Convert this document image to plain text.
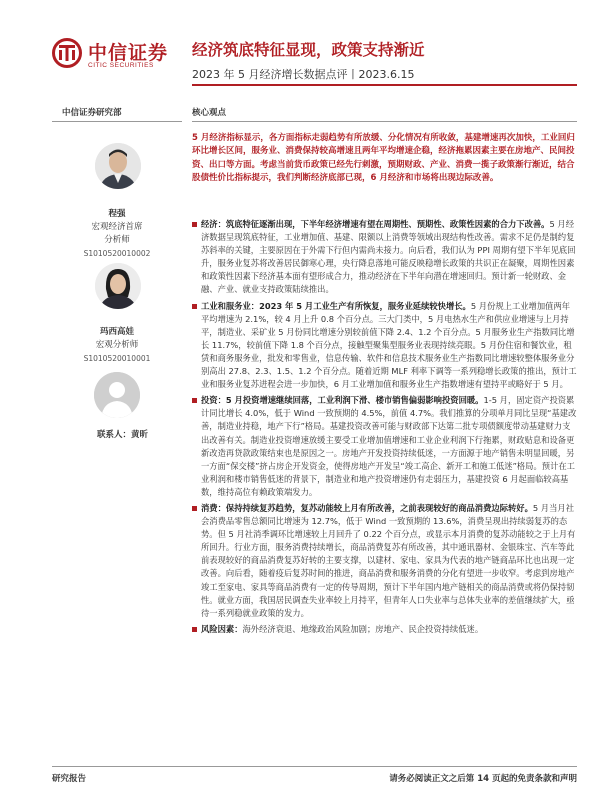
中信证券
CITIC SECURITIES
经济筑底特征显现，政策支持渐近
2023 年 5 月经济增长数据点评丨2023.6.15
中信证券研究部	核心观点
程强
宏观经济首席
分析师
S1010520010002
玛西高娃
宏观分析师
S1010520010001
联系人：黄昕
5 月经济指标显示，各方面指标走弱趋势有所放缓、分化情况有所收敛，基建增速再次加快，工业回归环比增长区间，服务业、消费保持较高增速且两年平均增速企稳，经济拖累因素主要在房地产、民间投资、出口等方面。考虑当前货币政策已经先行刺激，预期财政、产业、消费一揽子政策渐行渐近，结合股债性价比指标提示，我们判断经济底部已现，6 月经济和市场将出现边际改善。
经济：筑底特征逐渐出现，下半年经济增速有望在周期性、预期性、政策性因素的合力下改善。5 月经济数据呈现筑底特征，工业增加值、基建、限额以上消费等领域出现结构性改善。需求不足仍是制约复苏斜率的关键，主要原因在于外需下行但内需尚未接力。向后看，我们认为 PPI 周期有望下半年见底回升，服务业复苏将改善居民御寒心理，央行降息落地可能反映稳增长政策的共识正在凝聚，周期性因素和政策性因素下经济基本面有望形成合力，推动经济在下半年向潜在增速回归。预计新一轮财政、金融、产业、就业支持政策陆续推出。
工业和服务业：2023 年 5 月工业生产有所恢复，服务业延续较快增长。5 月份规上工业增加值两年平均增速为 2.1%，较 4 月上升 0.8 个百分点。三大门类中，5 月电热水生产和供应业增速与上月持平，制造业、采矿业 5 月份同比增速分别较前值下降 2.4、1.2 个百分点。5 月服务业生产指数同比增长 11.7%，较前值下降 1.8 个百分点，接触型聚集型服务业表现持续亮眼。5 月份住宿和餐饮业，租赁和商务服务业，批发和零售业，信息传输、软件和信息技术服务业生产指数同比增速较整体服务业分别高出 27.8、2.3、1.5、1.2 个百分点。随着近期 MLF 利率下调等一系列稳增长政策的推出，预计工业和服务业复苏进程会进一步加快，6 月工业增加值和服务业生产指数增速有望持平或略好于 5 月。
投资：5 月投资增速继续回落，工业利润下滑、楼市销售偏弱影响投资回暖。1-5 月，固定资产投资累计同比增长 4.0%，低于 Wind 一致预期的 4.5%，前值 4.7%。我们推算的分项单月同比呈现“基建改善，制造业持稳，地产下行”格局。基建投资改善可能与财政部下达第二批专项债额度带动基建财力支出改善有关。制造业投资增速放缓主要受工业增加值增速和工业企业利润下行拖累，财政贴息和设备更新改造再贷款政策结束也是原因之一。房地产开发投资持续低迷，一方面源于地产销售未明显回暖，另一方面“保交楼”挤占房企开发资金，使得房地产开发呈“竣工高企、新开工和施工低迷”格局。预计在工业利润和楼市销售低迷的背景下，制造业和地产投资增速仍有走弱压力，基建投资 6 月起面临较高基数，维持高位有赖政策端发力。
消费：保持持续复苏趋势，复苏动能较上月有所改善，之前表现较好的商品消费边际转好。5 月当月社会消费品零售总额同比增速为 12.7%，低于 Wind 一致预期的 13.6%，消费呈现出持续弱复苏的态势。但 5 月社消季调环比增速较上月回升了 0.22 个百分点，或显示本月消费的复苏动能较之于上月有所回升。行业方面，服务消费持续增长，商品消费复苏有所改善，其中通讯器材、金银珠宝、汽车等此前表现较好的商品消费复苏好转的主要支撑，以建材、家电、家具为代表的地产链商品环比也出现一定改善。向后看，随着疫后复苏时间的推进，商品消费和服务消费的分化有望进一步收窄。考虑到房地产竣工至家电、家具等商品消费有一定的传导周期，预计下半年国内地产链相关的商品消费或将仍保持韧性。就业方面，我国居民调查失业率较上月持平，但青年人口失业率与总体失业率的差值继续扩大，亟待一系列稳就业政策的发力。
风险因素：海外经济衰退、地缘政治风险加剧；房地产、民企投资持续低迷。
研究报告	请务必阅读正文之后第 14 页起的免责条款和声明
